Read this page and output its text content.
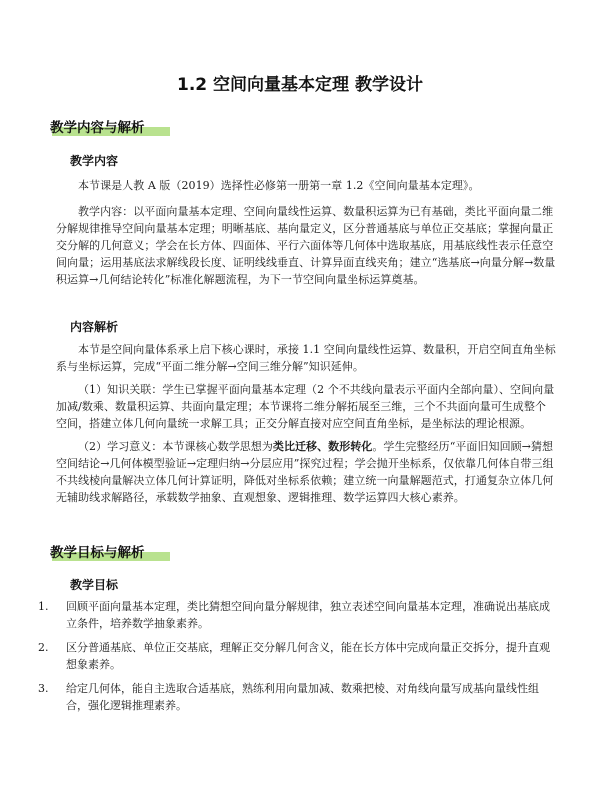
1.2 空间向量基本定理 教学设计
教学内容与解析
教学内容

本节课是人教 A 版（2019）选择性必修第一册第一章 1.2《空间向量基本定理》。

教学内容：以平面向量基本定理、空间向量线性运算、数量积运算为已有基础，类比平面向量二维分解规律推导空间向量基本定理；明晰基底、基向量定义，区分普通基底与单位正交基底；掌握向量正交分解的几何意义；学会在长方体、四面体、平行六面体等几何体中选取基底，用基底线性表示任意空间向量；运用基底法求解线段长度、证明线线垂直、计算异面直线夹角；建立“选基底→向量分解→数量积运算→几何结论转化”标准化解题流程，为下一节空间向量坐标运算奠基。

内容解析

本节是空间向量体系承上启下核心课时，承接 1.1 空间向量线性运算、数量积，开启空间直角坐标系与坐标运算，完成“平面二维分解→空间三维分解”知识延伸。

（1）知识关联：学生已掌握平面向量基本定理（2 个不共线向量表示平面内全部向量）、空间向量加减/数乘、数量积运算、共面向量定理；本节课将二维分解拓展至三维，三个不共面向量可生成整个空间，搭建立体几何向量统一求解工具；正交分解直接对应空间直角坐标，是坐标法的理论根源。

（2）学习意义：本节课核心数学思想为类比迁移、数形转化。学生完整经历“平面旧知回顾→猜想空间结论→几何体模型验证→定理归纳→分层应用”探究过程；学会抛开坐标系，仅依靠几何体自带三组不共线棱向量解决立体几何计算证明，降低对坐标系依赖；建立统一向量解题范式，打通复杂立体几何无辅助线求解路径，承载数学抽象、直观想象、逻辑推理、数学运算四大核心素养。

教学目标与解析
教学目标
1. 回顾平面向量基本定理，类比猜想空间向量分解规律，独立表述空间向量基本定理，准确说出基底成立条件，培养数学抽象素养。
2. 区分普通基底、单位正交基底，理解正交分解几何含义，能在长方体中完成向量正交拆分，提升直观想象素养。
3. 给定几何体，能自主选取合适基底，熟练利用向量加减、数乘把棱、对角线向量写成基向量线性组合，强化逻辑推理素养。
